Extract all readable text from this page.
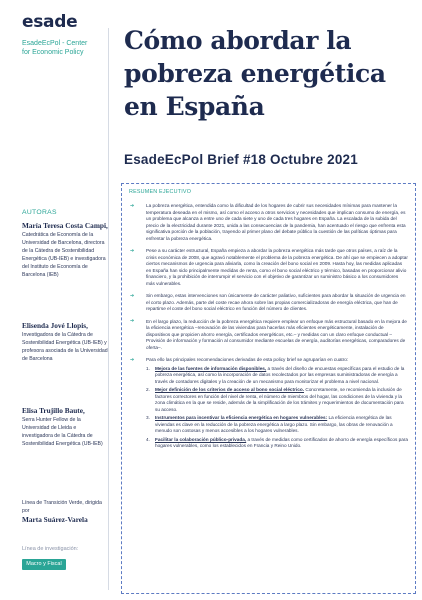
esade
EsadeEcPol - Center
for Economic Policy
AUTORAS
María Teresa Costa Campi,
Catedrática de Economía de la Universidad de Barcelona, directora de la Cátedra de Sostenibilidad Energética (UB-IEB) e investigadora del Instituto de Economía de Barcelona (IEB)
Elisenda Jové Llopis,
Investigadora de la Cátedra de Sostenibilidad Energética (UB-IEB) y profesora asociada de la Universidad de Barcelona
Elisa Trujillo Baute,
Serra Hunter Fellow de la Universidad de Lleida e investigadora de la Cátedra de Sostenibilidad Energética (UB-IEB)
Línea de Transición Verde, dirigida por
Marta Suárez-Varela
Línea de investigación:
Macro y Fiscal
Cómo abordar la pobreza energética en España
EsadeEcPol Brief #18 Octubre 2021
RESUMEN EJECUTIVO
➔	La pobreza energética, entendida como la dificultad de los hogares de cubrir sus necesidades mínimas para mantener la temperatura deseada en el mismo, así como el acceso a otros servicios y necesidades que implican consumo de energía, es un problema que alcanza a entre uno de cada siete y uno de cada tres hogares en España. La escalada de la subida del precio de la electricidad durante 2021, unida a las consecuencias de la pandemia, han acentuado el riesgo que enfrenta esta significativa porción de la población, trayendo al primer plano del debate público la cuestión de las políticas óptimas para enfrentar la pobreza energética.
➔	Pese a su carácter estructural, España empieza a abordar la pobreza energética más tarde que otros países, a raíz de la crisis económica de 2008, que agravó notablemente el problema de la pobreza energética. De ahí que se empiecen a adoptar ciertos mecanismos de urgencia para aliviarla, como la creación del bono social en 2009. Hasta hoy, las medidas aplicadas en España han sido principalmente medidas de renta, como el bono social eléctrico y térmico, basadas en proporcionar alivio financiero, y la prohibición de interrumpir el servicio con el objetivo de garantizar un suministro básico a los consumidores más vulnerables.
➔	Sin embargo, estas intervenciones son únicamente de carácter paliativo, suficientes para abordar la situación de urgencia en el corto plazo. Además, parte del coste recae ahora sobre las propias comercializadoras de energía eléctrica, que han de repartirse el coste del bono social eléctrico en función del número de clientes.
➔	En el largo plazo, la reducción de la pobreza energética requiere emplear un enfoque más estructural basado en la mejora de la eficiencia energética –renovación de las viviendas para hacerlas más eficientes energéticamente, instalación de dispositivos que propicien ahorro energía, certificados energéticos, etc.– y medidas con un claro enfoque conductual –Provisión de información y formación al consumidor mediante escuelas de energía, auditorías energéticas, comparadores de oferta–.
➔	Para ello las principales recomendaciones derivadas de esta policy brief se agruparían en cuatro:
1. Mejora de las fuentes de información disponibles, a través del diseño de encuestas específicas para el estudio de la pobreza energética, así como la incorporación de datos recolectados por las empresas suministradoras de energía a través de contadores digitales y la creación de un mecanismo para monitorizar el problema a nivel nacional.
2. Mejor definición de los criterios de acceso al bono social eléctrico. Concretamente, se recomienda la inclusión de factores correctores en función del nivel de renta, el número de miembros del hogar, las condiciones de la vivienda y la zona climática en la que se reside, además de la simplificación de los trámites y requerimientos de documentación para su acceso.
3. Instrumentos para incentivar la eficiencia energética en hogares vulnerables: La eficiencia energética de las viviendas es clave en la reducción de la pobreza energética a largo plazo. Sin embargo, las obras de renovación a menudo son costosas y menos accesibles a los hogares vulnerables.
4. Facilitar la colaboración público-privada, a través de medidas como certificados de ahorro de energía específicos para hogares vulnerables, como los establecidos en Francia y Reino Unido.
